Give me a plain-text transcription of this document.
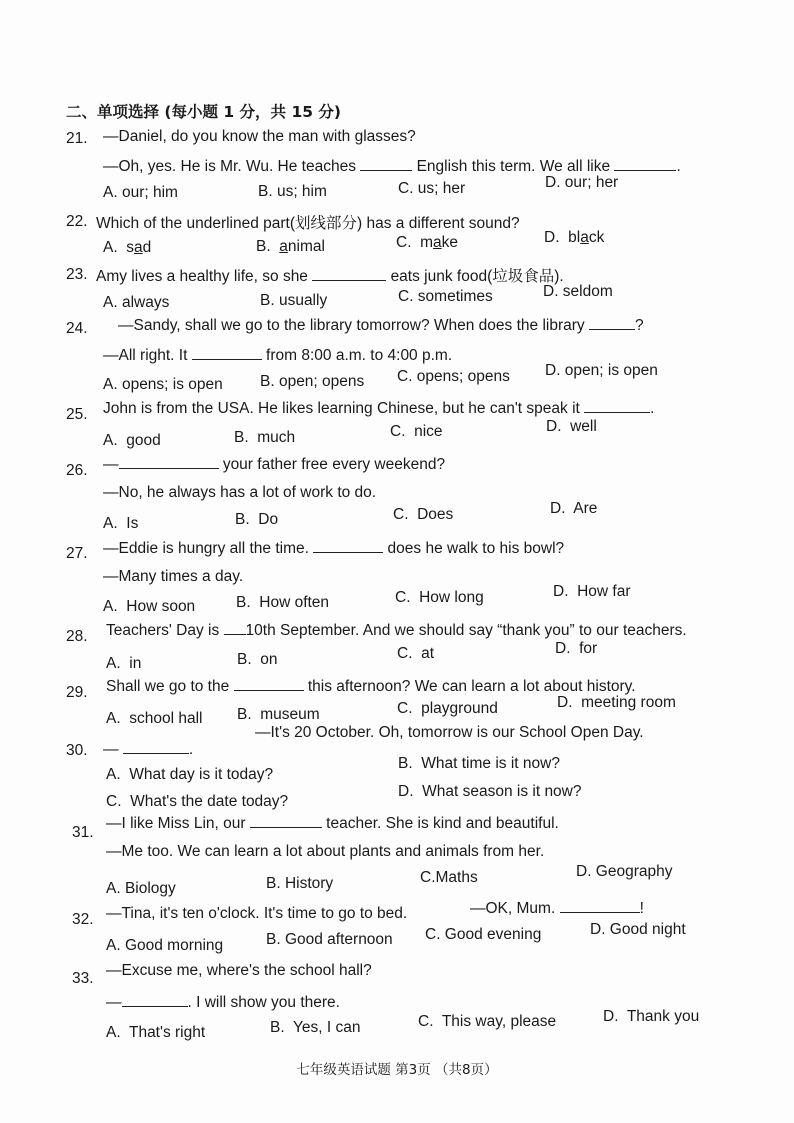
二、单项选择 (每小题 1 分，共 15 分)
21. —Daniel, do you know the man with glasses?
—Oh, yes. He is Mr. Wu. He teaches	English this term. We all like	.
A. our; him	B. us; him	C. us; her	D. our; her
22. Which of the underlined part(划线部分) has a different sound?
A.  sad	B.  animal	C.  make	D.  black
23. Amy lives a healthy life, so she	eats junk food(垃圾食品).
A. always	B. usually	C. sometimes	D. seldom
24. —Sandy, shall we go to the library tomorrow? When does the library	?
—All right. It	from 8:00 a.m. to 4:00 p.m.
A. opens; is open B. open; opens C. opens; opens D. open; is open
25. John is from the USA. He likes learning Chinese, but he can't speak it	.
A.  good	B.  much	C.  nice	D.  well
26. —	your father free every weekend?
—No, he always has a lot of work to do.
A.  Is	B.  Do	C.  Does	D.  Are
27. —Eddie is hungry all the time.	does he walk to his bowl?
—Many times a day.
A.  How soon	B.  How often	C.  How long	D.  How far
28. Teachers' Day is 10th September. And we should say “thank you” to our teachers.
A.  in	B.  on	C.  at	D.  for
29. Shall we go to the	this afternoon? We can learn a lot about history.
A.  school hall B.  museum	C.  playground	D.  meeting room
30. —	.
—It's 20 October. Oh, tomorrow is our School Open Day.
A.  What day is it today?
B.  What time is it now?
C.  What's the date today?
D.  What season is it now?
31.
—I like Miss Lin, our	teacher. She is kind and beautiful.
—Me too. We can learn a lot about plants and animals from her.
A. Biology	B. History	C.Maths	D. Geography
32. —Tina, it's ten o'clock. It's time to go to bed.	—OK, Mum.	!
A. Good morning	B. Good afternoon C. Good evening	D. Good night
33. —Excuse me, where's the school hall?
—	. I will show you there.
A.  That's right	B.  Yes, I can	C.  This way, please	D.  Thank you
七年级英语试题 第3页 （共8页）
